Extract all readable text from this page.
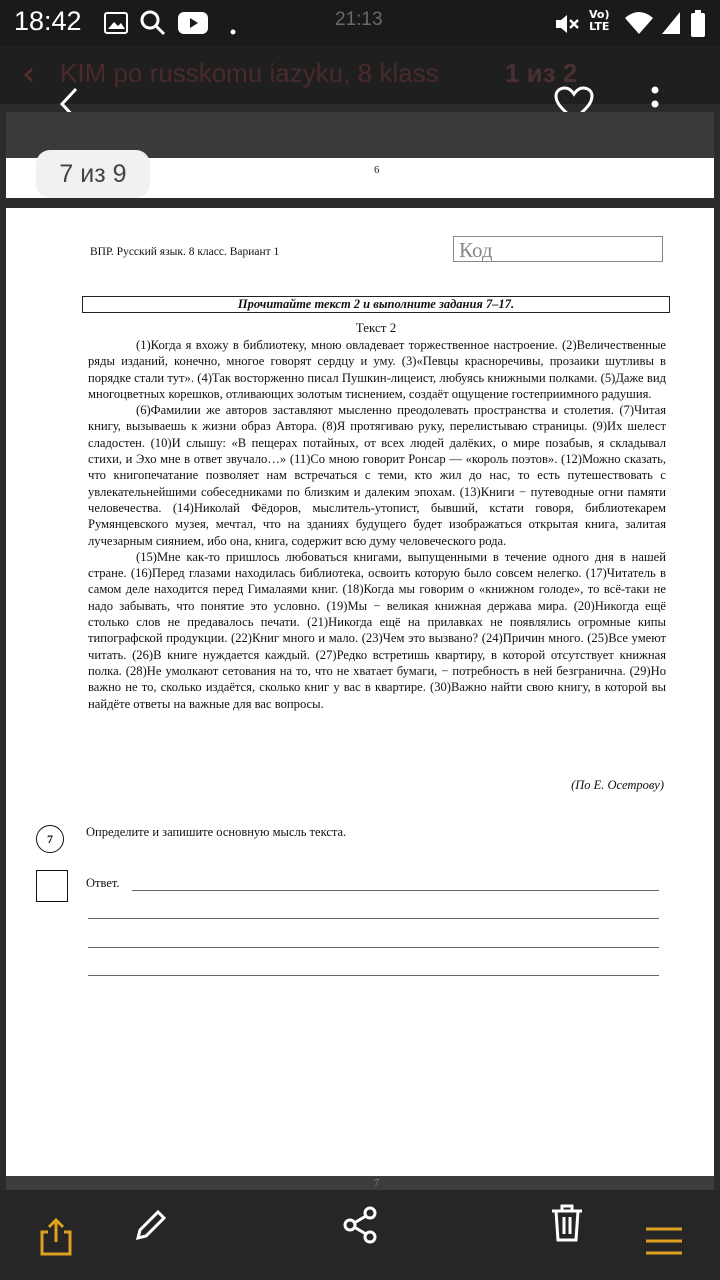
18:42	21:13	Vo)
LTE
‹ KIM po russkomu iazyku, 8 klass	1 из 2
6
7 из 9
ВПР. Русский язык. 8 класс. Вариант 1	Код
Прочитайте текст 2 и выполните задания 7–17.
Текст 2

(1)Когда я вхожу в библиотеку, мною овладевает торжественное настроение. (2)Величественные ряды изданий, конечно, многое говорят сердцу и уму. (3)«Певцы красноречивы, прозаики шутливы в порядке стали тут». (4)Так восторженно писал Пушкин-лицеист, любуясь книжными полками. (5)Даже вид многоцветных корешков, отливающих золотым тиснением, создаёт ощущение гостеприимного радушия.

(6)Фамилии же авторов заставляют мысленно преодолевать пространства и столетия. (7)Читая книгу, вызываешь к жизни образ Автора. (8)Я протягиваю руку, перелистываю страницы. (9)Их шелест сладостен. (10)И слышу: «В пещерах потайных, от всех людей далёких, о мире позабыв, я складывал стихи, и Эхо мне в ответ звучало…» (11)Со мною говорит Ронсар — «король поэтов». (12)Можно сказать, что книгопечатание позволяет нам встречаться с теми, кто жил до нас, то есть путешествовать с увлекательнейшими собеседниками по близким и далеким эпохам. (13)Книги − путеводные огни памяти человечества. (14)Николай Фёдоров, мыслитель-утопист, бывший, кстати говоря, библиотекарем Румянцевского музея, мечтал, что на зданиях будущего будет изображаться открытая книга, залитая лучезарным сиянием, ибо она, книга, содержит всю думу человеческого рода.

(15)Мне как-то пришлось любоваться книгами, выпущенными в течение одного дня в нашей стране. (16)Перед глазами находилась библиотека, освоить которую было совсем нелегко. (17)Читатель в самом деле находится перед Гималаями книг. (18)Когда мы говорим о «книжном голоде», то всё-таки не надо забывать, что понятие это условно. (19)Мы − великая книжная держава мира. (20)Никогда ещё столько слов не предавалось печати. (21)Никогда ещё на прилавках не появлялись огромные кипы типографской продукции. (22)Книг много и мало. (23)Чем это вызвано? (24)Причин много. (25)Все умеют читать. (26)В книге нуждается каждый. (27)Редко встретишь квартиру, в которой отсутствует книжная полка. (28)Не умолкают сетования на то, что не хватает бумаги, − потребность в ней безгранична. (29)Но важно не то, сколько издаётся, сколько книг у вас в квартире. (30)Важно найти свою книгу, в которой вы найдёте ответы на важные для вас вопросы.

(По Е. Осетрову)
7	Определите и запишите основную мысль текста.
Ответ.
7
